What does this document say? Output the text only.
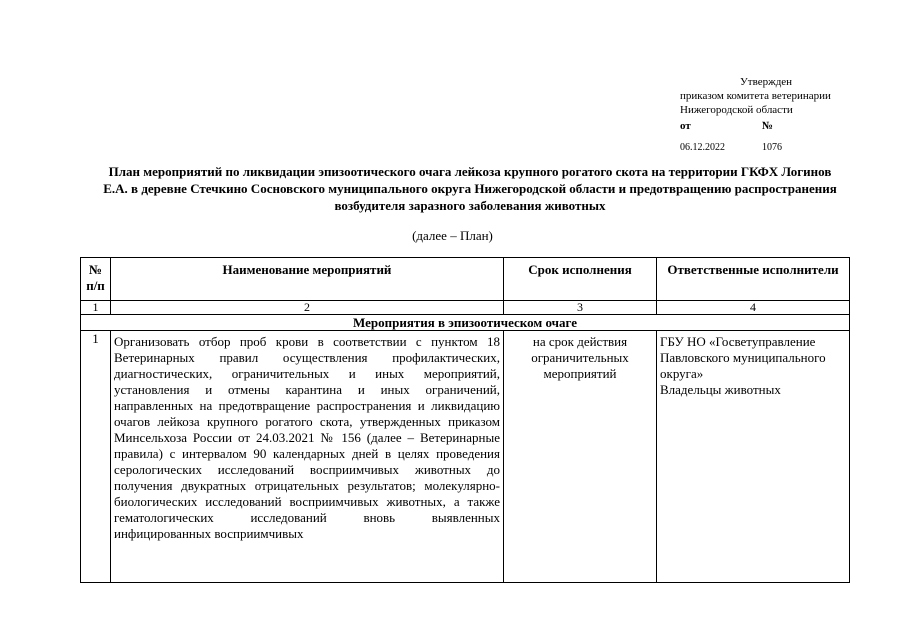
Утвержден
приказом комитета ветеринарии
Нижегородской области
от	№
06.12.2022	1076
План мероприятий по ликвидации эпизоотического очага лейкоза крупного рогатого скота на территории ГКФХ Логинов Е.А. в деревне Стечкино Сосновского муниципального округа Нижегородской области и предотвращению распространения возбудителя заразного заболевания животных
(далее – План)
№ п/п	Наименование мероприятий	Срок исполнения	Ответственные исполнители
1	2	3	4
Мероприятия в эпизоотическом очаге			
1	Организовать отбор проб крови в соответствии с пунктом 18 Ветеринарных правил осуществления профилактических, диагностических, ограничительных и иных мероприятий, установления и отмены карантина и иных ограничений, направленных на предотвращение распространения и ликвидацию очагов лейкоза крупного рогатого скота, утвержденных приказом Минсельхоза России от 24.03.2021 № 156 (далее – Ветеринарные правила) с интервалом 90 календарных дней в целях проведения серологических исследований восприимчивых животных до получения двукратных отрицательных результатов; молекулярно-биологических исследований восприимчивых животных, а также гематологических исследований вновь выявленных инфицированных восприимчивых	на срок действия ограничительных мероприятий	ГБУ НО «Госветуправление Павловского муниципального округа»
Владельцы животных
